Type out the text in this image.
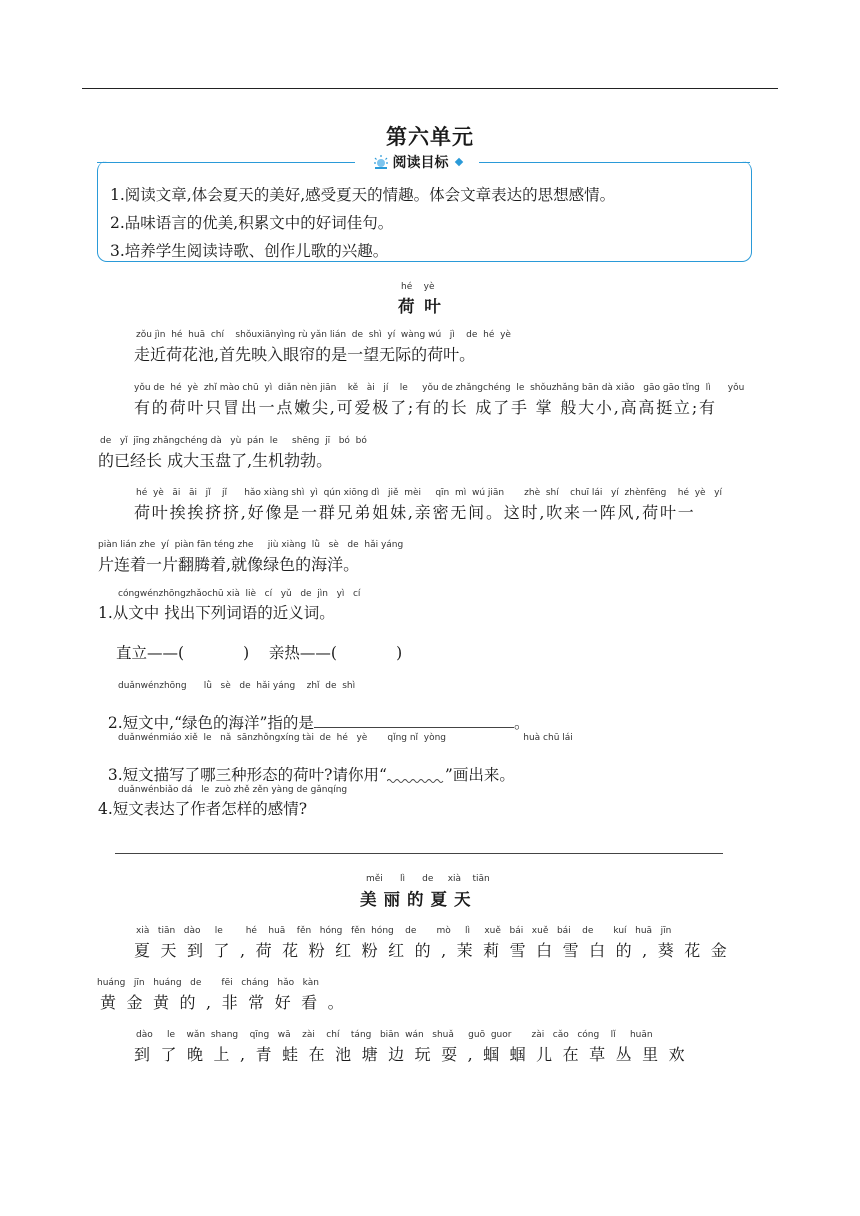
第六单元
阅读目标
1.阅读文章,体会夏天的美好,感受夏天的情趣。体会文章表达的思想感情。
2.品味语言的优美,积累文中的好词佳句。
3.培养学生阅读诗歌、创作儿歌的兴趣。
hé    yè
荷 叶
zǒu jìn  hé  huā  chí    shǒuxiānyìng rù yǎn lián  de  shì  yí  wàng wú   jì    de  hé  yè
走近荷花池,首先映入眼帘的是一望无际的荷叶。
yǒu de  hé  yè  zhǐ mào chū  yì  diǎn nèn jiān    kě   ài   jí    le     yǒu de zhǎngchéng  le  shǒuzhǎng bān dà xiǎo   gāo gāo tǐng  lì      yǒu
有的荷叶只冒出一点嫩尖,可爱极了;有的长 成了手 掌 般大小,高高挺立;有
de   yǐ  jīng zhǎngchéng dà   yù  pán  le     shēng  jī   bó  bó
的已经长 成大玉盘了,生机勃勃。
hé  yè   āi   āi   jǐ    jǐ      hǎo xiàng shì  yì  qún xiōng dì   jiě  mèi     qīn  mì  wú jiān       zhè  shí    chuī lái   yí  zhènfēng    hé  yè   yí
荷叶挨挨挤挤,好像是一群兄弟姐妹,亲密无间。这时,吹来一阵风,荷叶一
piàn lián zhe  yí  piàn fān téng zhe     jiù xiàng  lǜ   sè   de  hǎi yáng
片连着一片翻腾着,就像绿色的海洋。
cóngwénzhōngzhǎochū xià  liè   cí   yǔ   de  jìn   yì   cí
1.从文中 找出下列词语的近义词。
直立——(            )    亲热——(            )
duǎnwénzhōng      lǜ   sè   de  hǎi yáng    zhǐ  de  shì

2.短文中,“绿色的海洋”指的是	。

duǎnwénmiáo xiě  le   nǎ  sānzhǒngxíng tài  de  hé   yè       qǐng nǐ  yòng                           huà chū lái

3.短文描写了哪三种形态的荷叶?请你用“	”画出来。

duǎnwénbiǎo dá   le  zuò zhě zěn yàng de gǎnqíng
4.短文表达了作者怎样的感情?
měi      lì      de     xià    tiān
美丽的夏天
xià   tiān   dào     le        hé    huā    fěn   hóng   fěn  hóng    de       mò     lì     xuě   bái   xuě   bái    de       kuí   huā   jīn
夏天到了,荷花粉红粉红的,茉莉雪白雪白的,葵花金
huáng   jīn   huáng   de       fēi   cháng   hǎo   kàn
黄金黄的,非常好看。
dào     le    wǎn  shang    qīng   wā    zài    chí    táng   biān  wán   shuǎ     guō  guor       zài   cǎo   cóng    lǐ     huān
到了晚上,青蛙在池塘边玩耍,蝈蝈儿在草丛里欢
